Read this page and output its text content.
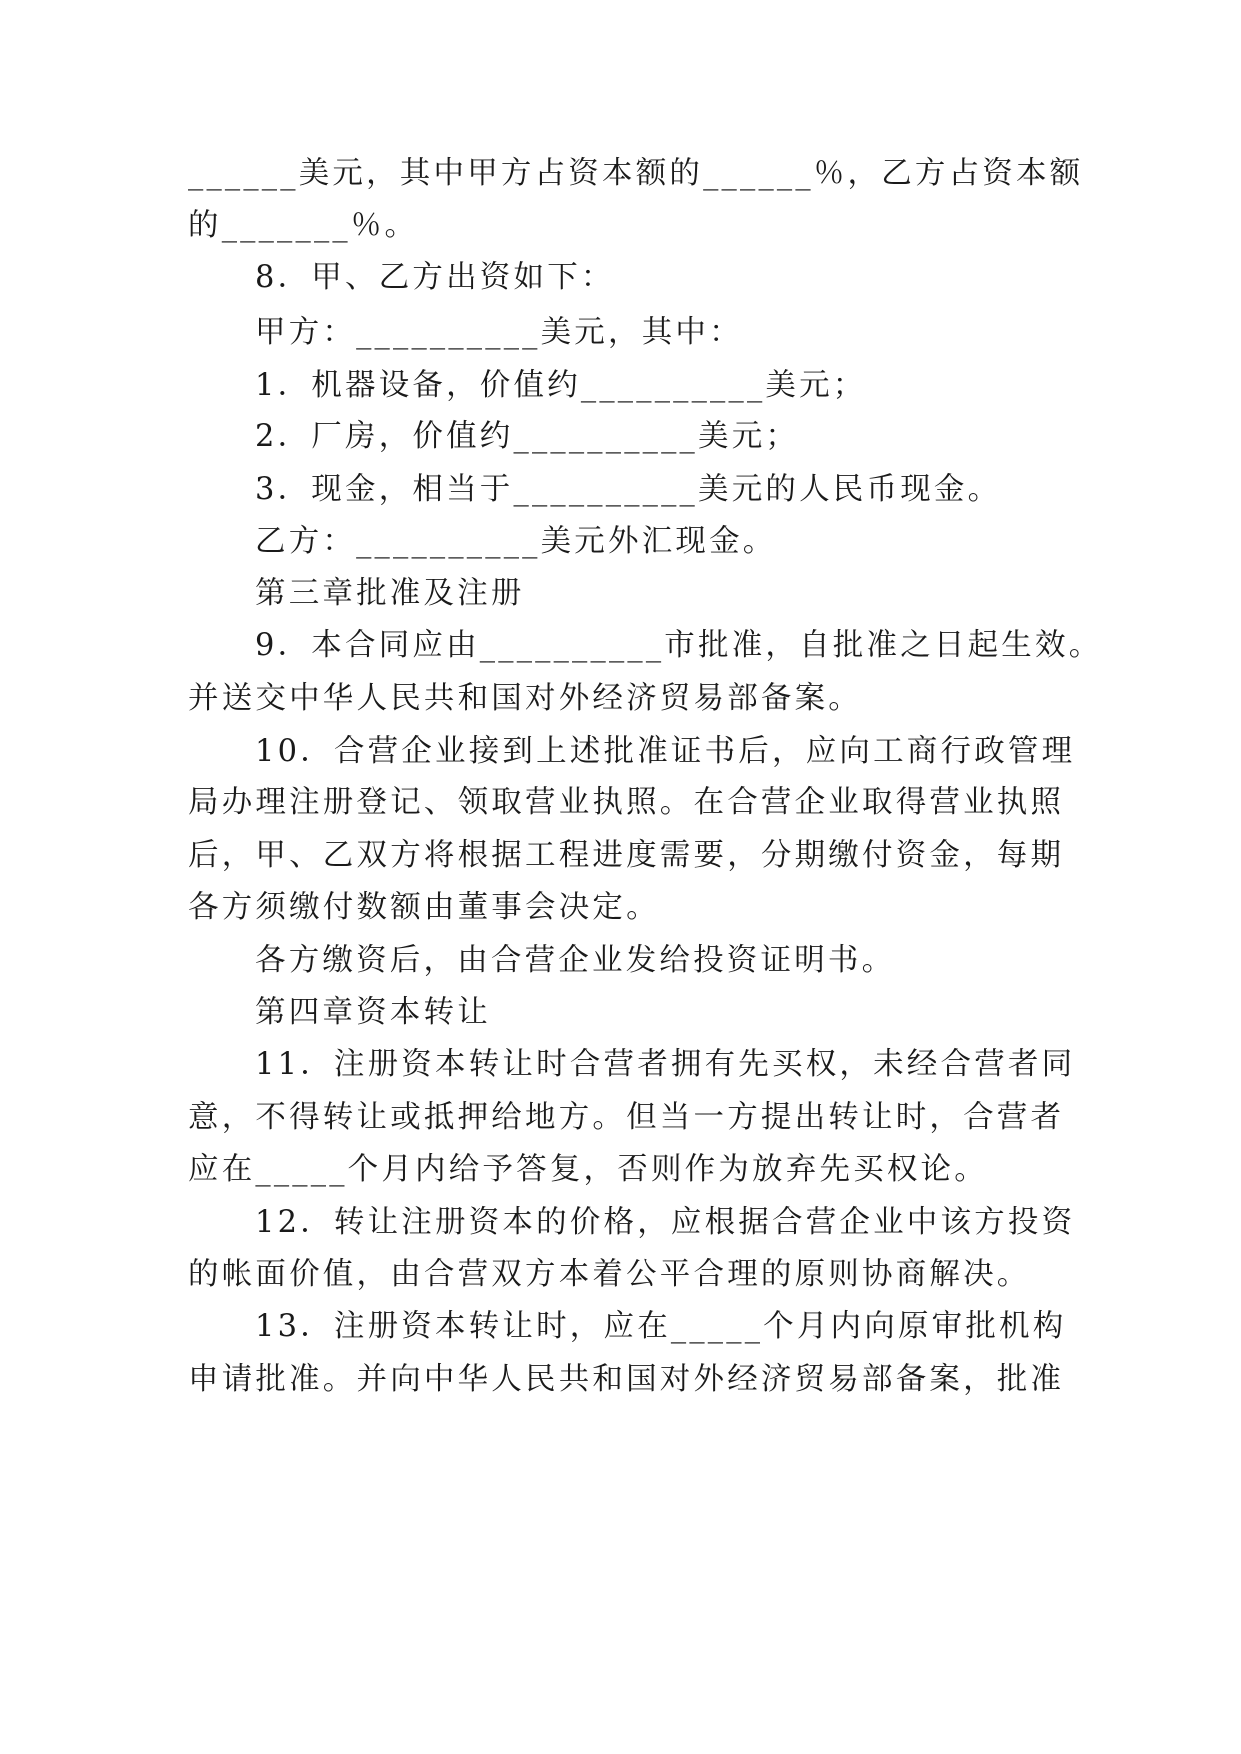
______美元，其中甲方占资本额的______％，乙方占资本额
的_______％。
8．甲、乙方出资如下：
甲方：__________美元，其中：
1．机器设备，价值约__________美元；
2．厂房，价值约__________美元；
3．现金，相当于__________美元的人民币现金。
乙方：__________美元外汇现金。
第三章批准及注册
9．本合同应由__________市批准，自批准之日起生效。
并送交中华人民共和国对外经济贸易部备案。
10．合营企业接到上述批准证书后，应向工商行政管理
局办理注册登记、领取营业执照。在合营企业取得营业执照
后，甲、乙双方将根据工程进度需要，分期缴付资金，每期
各方须缴付数额由董事会决定。
各方缴资后，由合营企业发给投资证明书。
第四章资本转让
11．注册资本转让时合营者拥有先买权，未经合营者同
意，不得转让或抵押给地方。但当一方提出转让时，合营者
应在_____个月内给予答复，否则作为放弃先买权论。
12．转让注册资本的价格，应根据合营企业中该方投资
的帐面价值，由合营双方本着公平合理的原则协商解决。
13．注册资本转让时，应在_____个月内向原审批机构
申请批准。并向中华人民共和国对外经济贸易部备案，批准
